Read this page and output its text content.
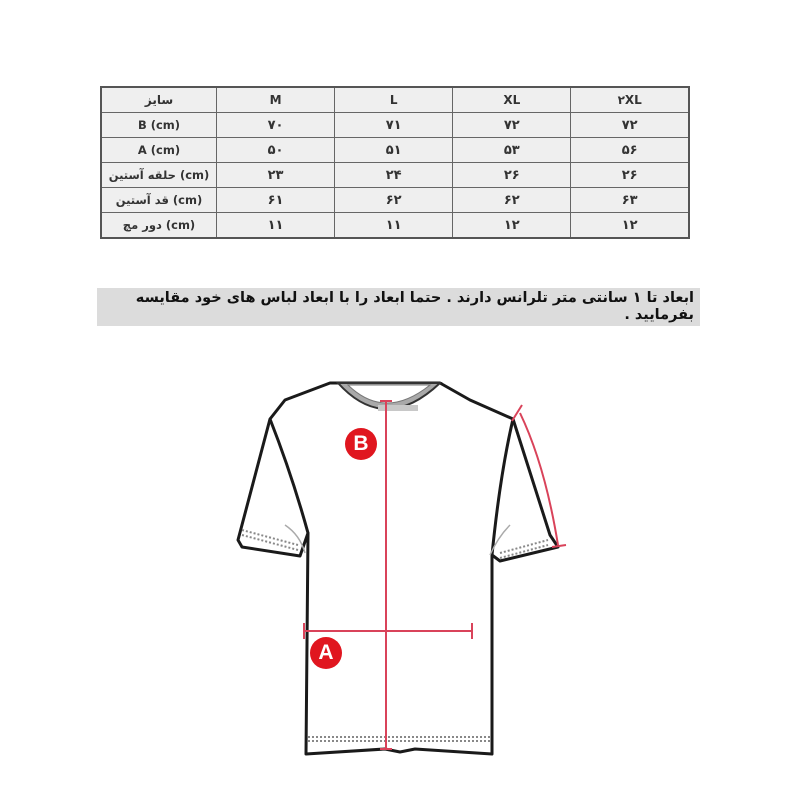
سایز	M	L	XL	۲XL
B (cm)	۷۰	۷۱	۷۲	۷۲
A (cm)	۵۰	۵۱	۵۳	۵۶
حلقه آستین (cm)	۲۳	۲۴	۲۶	۲۶
قد آستین (cm)	۶۱	۶۲	۶۲	۶۳
دور مچ (cm)	۱۱	۱۱	۱۲	۱۲
ابعاد تا ۱ سانتی متر تلرانس دارند . حتما ابعاد را با ابعاد لباس های خود مقایسه بفرمایید .
B
A
